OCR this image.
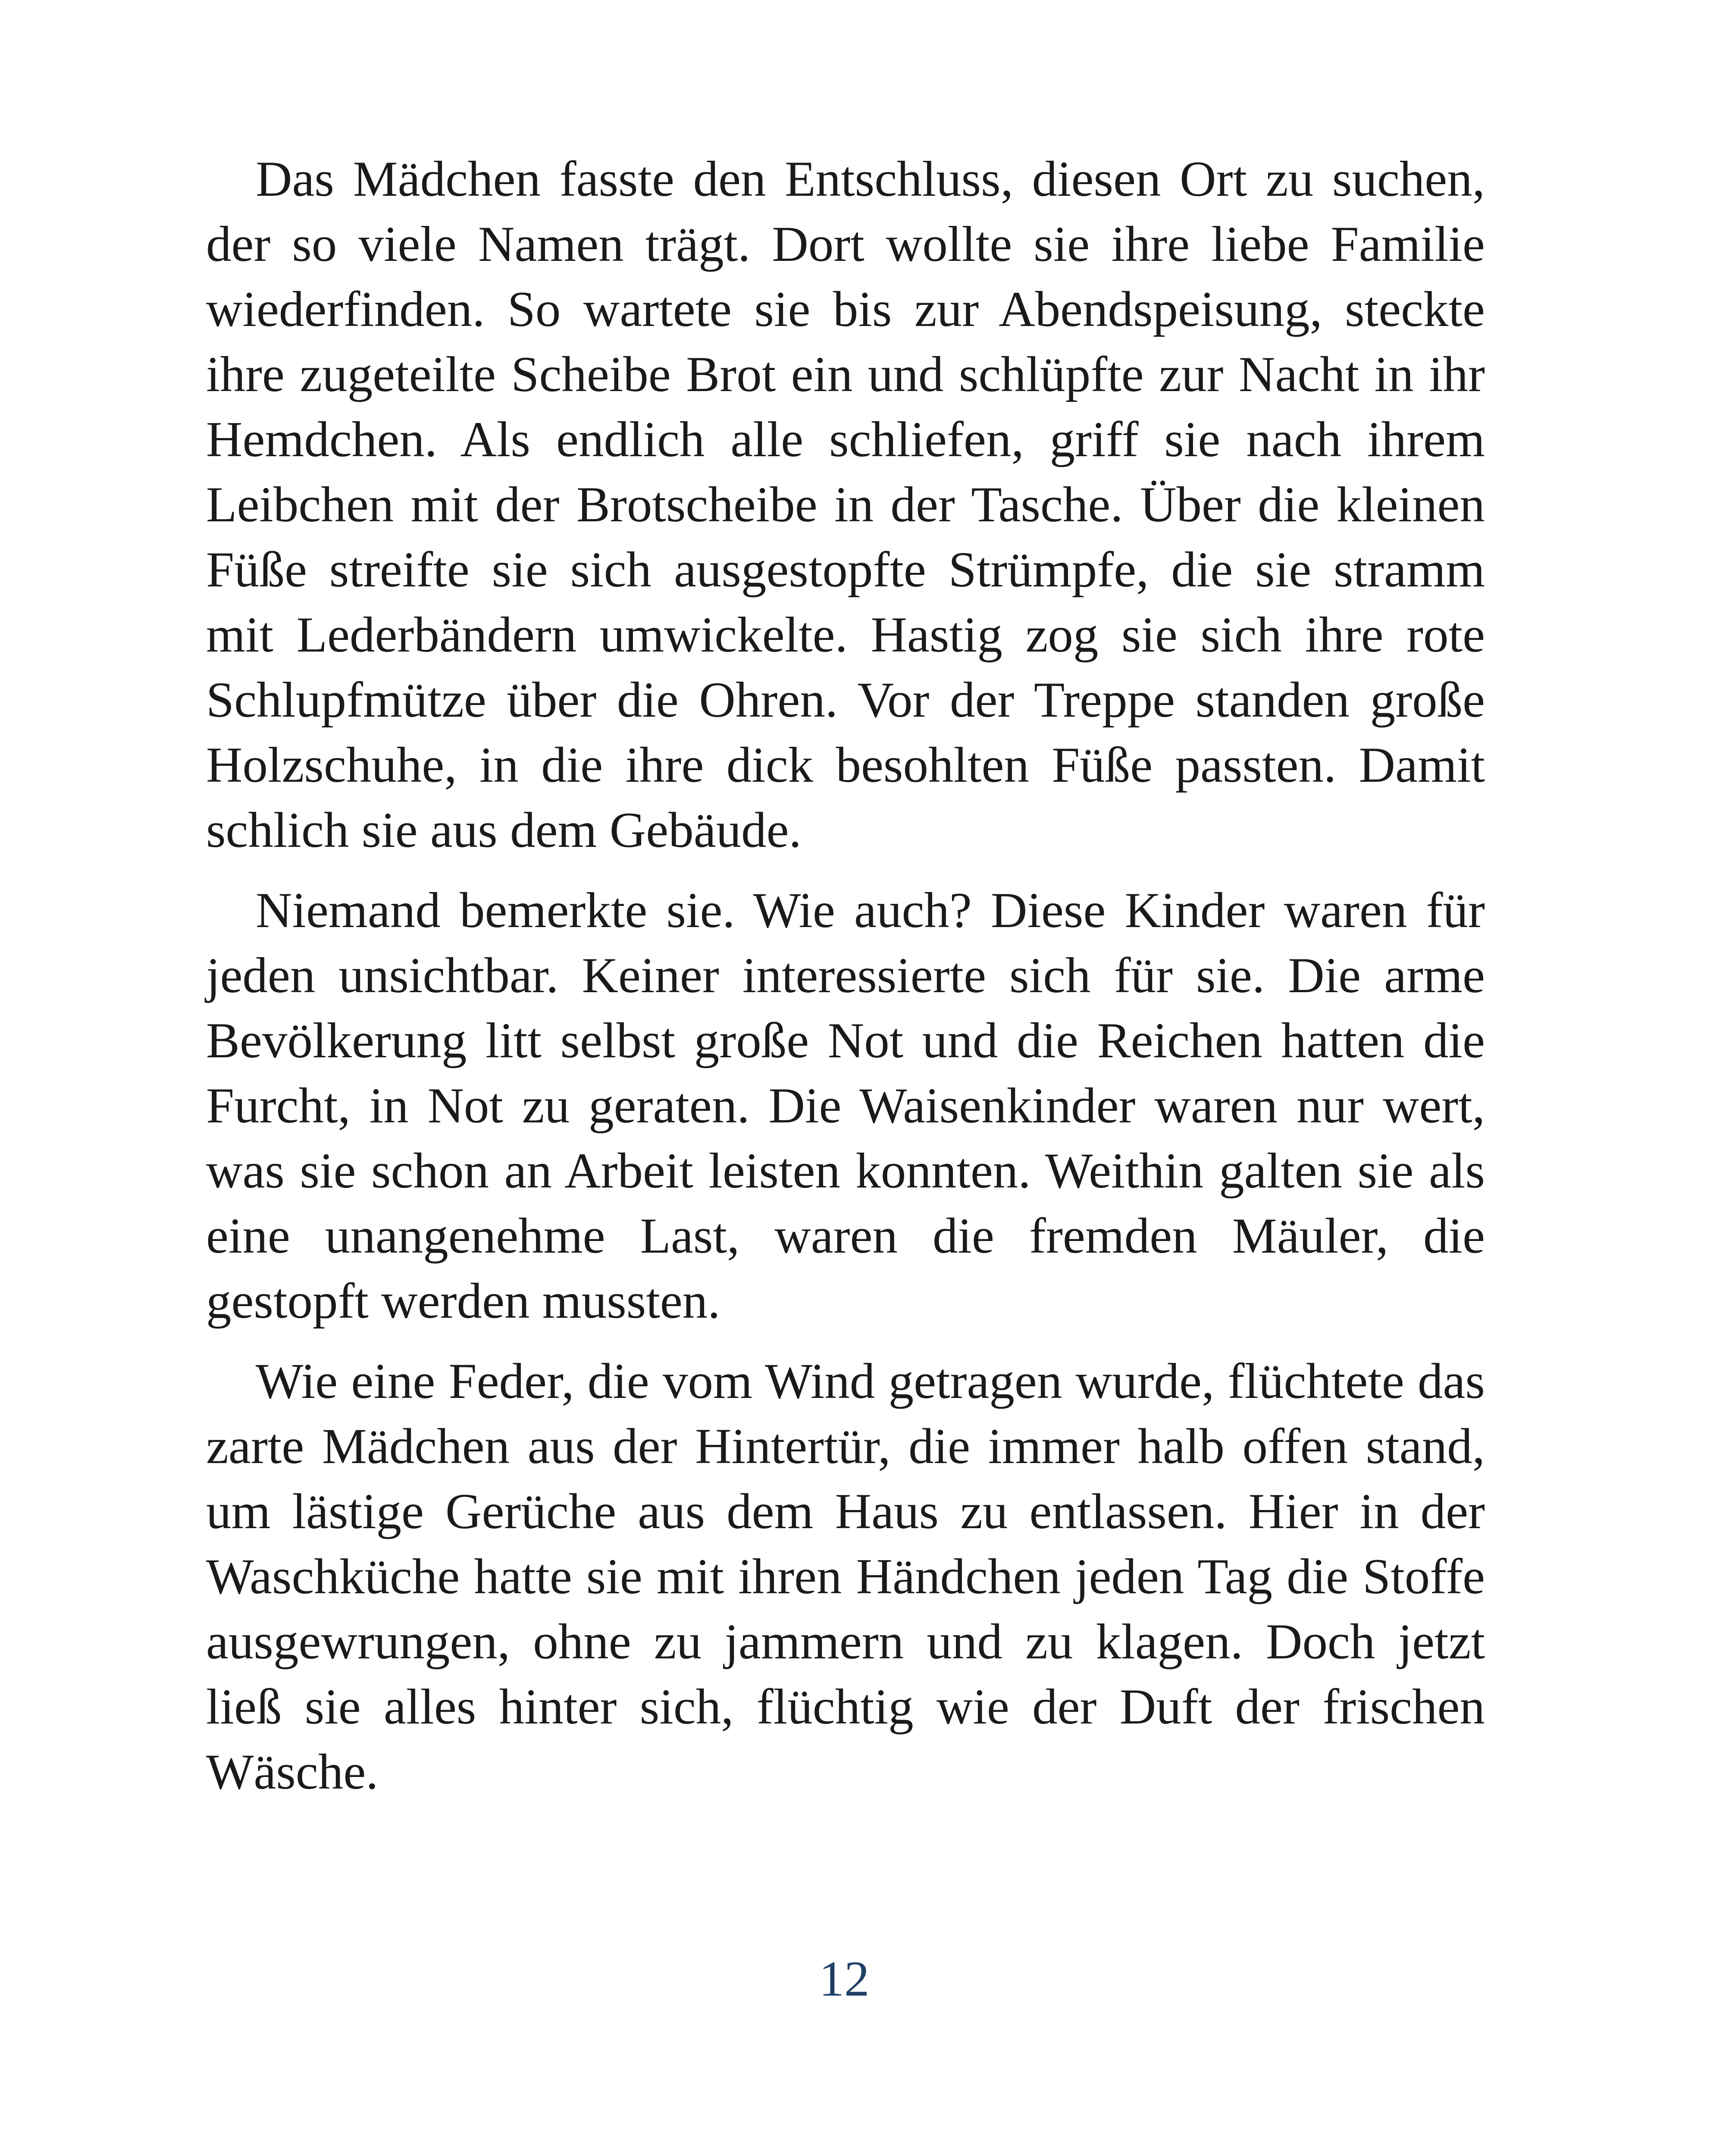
Das Mädchen fasste den Entschluss, diesen Ort zu suchen, der so viele Namen trägt. Dort wollte sie ihre liebe Familie wiederfinden. So wartete sie bis zur Abendspeisung, steckte ihre zugeteilte Scheibe Brot ein und schlüpfte zur Nacht in ihr Hemdchen. Als endlich alle schliefen, griff sie nach ihrem Leibchen mit der Brotscheibe in der Tasche. Über die kleinen Füße streifte sie sich ausgestopfte Strümpfe, die sie stramm mit Lederbändern umwickelte. Hastig zog sie sich ihre rote Schlupfmütze über die Ohren. Vor der Treppe standen große Holzschuhe, in die ihre dick besohlten Füße passten. Damit schlich sie aus dem Gebäude.

Niemand bemerkte sie. Wie auch? Diese Kinder waren für jeden unsichtbar. Keiner interessierte sich für sie. Die arme Bevölkerung litt selbst große Not und die Reichen hatten die Furcht, in Not zu geraten. Die Waisenkinder waren nur wert, was sie schon an Arbeit leisten konnten. Weithin galten sie als eine unangenehme Last, waren die fremden Mäuler, die gestopft werden mussten.

Wie eine Feder, die vom Wind getragen wurde, flüchtete das zarte Mädchen aus der Hintertür, die immer halb offen stand, um lästige Gerüche aus dem Haus zu entlassen. Hier in der Waschküche hatte sie mit ihren Händchen jeden Tag die Stoffe ausgewrungen, ohne zu jammern und zu klagen. Doch jetzt ließ sie alles hinter sich, flüchtig wie der Duft der frischen Wäsche.

12
